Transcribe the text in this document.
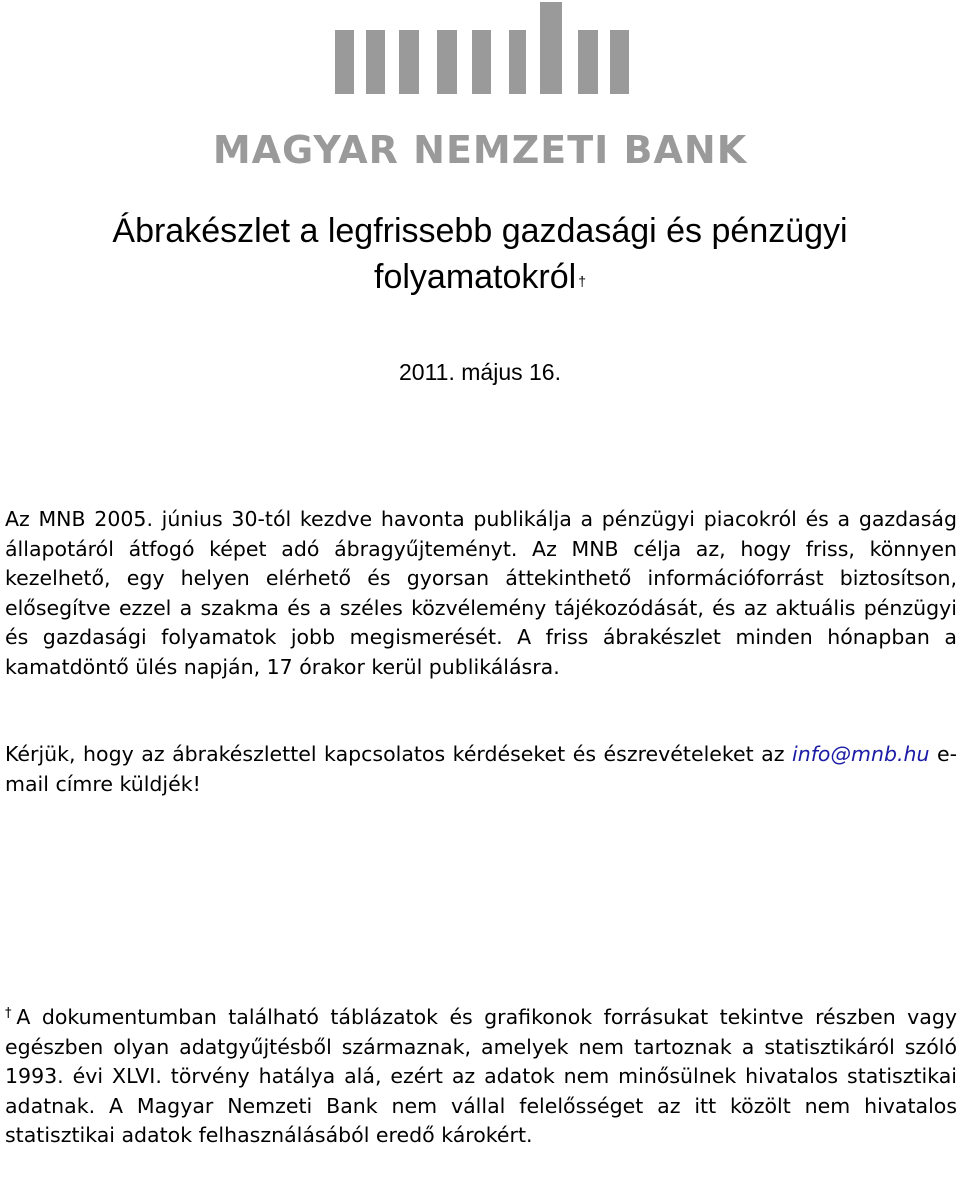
MAGYAR NEMZETI BANK
Ábrakészlet a legfrissebb gazdasági és pénzügyi
folyamatokról †
2011. május 16.

Az MNB 2005. június 30-tól kezdve havonta publikálja a pénzügyi piacokról és a gazdaság állapotáról átfogó képet adó ábragyűjteményt. Az MNB célja az, hogy friss, könnyen kezelhető, egy helyen elérhető és gyorsan áttekinthető információforrást biztosítson, elősegítve ezzel a szakma és a széles közvélemény tájékozódását, és az aktuális pénzügyi és gazdasági folyamatok jobb megismerését. A friss ábrakészlet minden hónapban a kamatdöntő ülés napján, 17 órakor kerül publikálásra.

Kérjük, hogy az ábrakészlettel kapcsolatos kérdéseket és észrevételeket az info@mnb.hu e-mail címre küldjék!

†A dokumentumban található táblázatok és grafikonok forrásukat tekintve részben vagy egészben olyan adatgyűjtésből származnak, amelyek nem tartoznak a statisztikáról szóló 1993. évi XLVI. törvény hatálya alá, ezért az adatok nem minősülnek hivatalos statisztikai adatnak. A Magyar Nemzeti Bank nem vállal felelősséget az itt közölt nem hivatalos statisztikai adatok felhasználásából eredő károkért.
